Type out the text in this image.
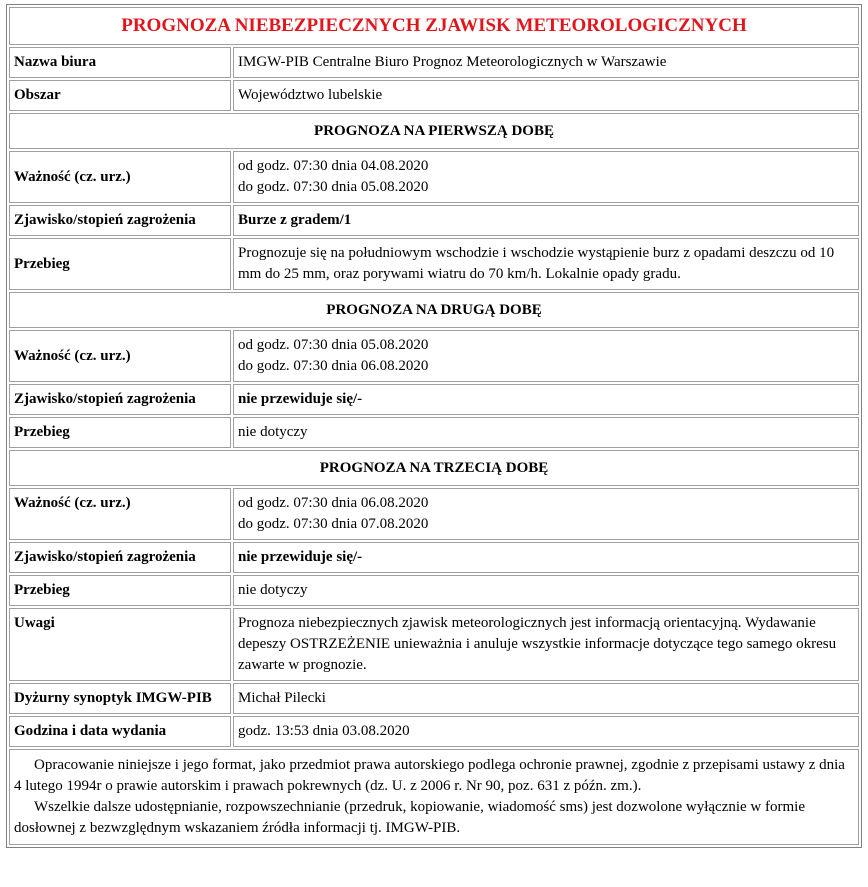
PROGNOZA NIEBEZPIECZNYCH ZJAWISK METEOROLOGICZNYCH	
Nazwa biura	IMGW-PIB Centralne Biuro Prognoz Meteorologicznych w Warszawie
Obszar	Województwo lubelskie
PROGNOZA NA PIERWSZĄ DOBĘ	
Ważność (cz. urz.)	od godz. 07:30 dnia 04.08.2020
do godz. 07:30 dnia 05.08.2020

Zjawisko/stopień zagrożenia	Burze z gradem/1
Przebieg	Prognozuje się na południowym wschodzie i wschodzie wystąpienie burz z opadami deszczu od 10 mm do 25 mm, oraz porywami wiatru do 70 km/h. Lokalnie opady gradu.
PROGNOZA NA DRUGĄ DOBĘ	
Ważność (cz. urz.)	od godz. 07:30 dnia 05.08.2020
do godz. 07:30 dnia 06.08.2020

Zjawisko/stopień zagrożenia	nie przewiduje się/-
Przebieg	nie dotyczy
PROGNOZA NA TRZECIĄ DOBĘ	
Ważność (cz. urz.)	od godz. 07:30 dnia 06.08.2020
do godz. 07:30 dnia 07.08.2020

Zjawisko/stopień zagrożenia	nie przewiduje się/-
Przebieg	nie dotyczy
Uwagi	Prognoza niebezpiecznych zjawisk meteorologicznych jest informacją orientacyjną. Wydawanie depeszy OSTRZEŻENIE unieważnia i anuluje wszystkie informacje dotyczące tego samego okresu zawarte w prognozie.
Dyżurny synoptyk IMGW-PIB	Michał Pilecki
Godzina i data wydania	godz. 13:53 dnia 03.08.2020

Opracowanie niniejsze i jego format, jako przedmiot prawa autorskiego podlega ochronie prawnej, zgodnie z przepisami ustawy z dnia 4 lutego 1994r o prawie autorskim i prawach pokrewnych (dz. U. z 2006 r. Nr 90, poz. 631 z późn. zm.).

Wszelkie dalsze udostępnianie, rozpowszechnianie (przedruk, kopiowanie, wiadomość sms) jest dozwolone wyłącznie w formie dosłownej z bezwzględnym wskazaniem źródła informacji tj. IMGW-PIB.	
